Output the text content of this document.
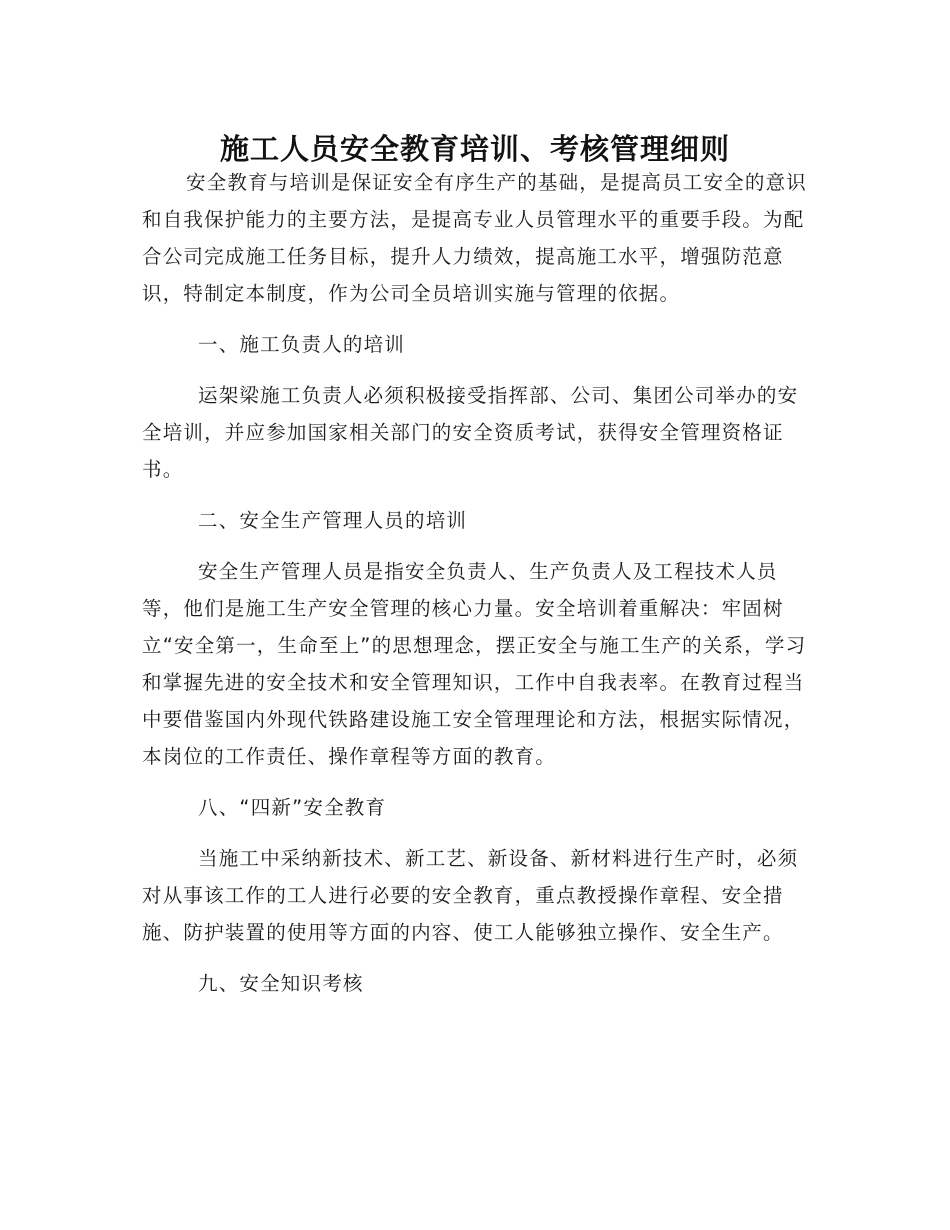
施工人员安全教育培训、考核管理细则

安全教育与培训是保证安全有序生产的基础，是提高员工安全的意识和自我保护能力的主要方法，是提高专业人员管理水平的重要手段。为配合公司完成施工任务目标，提升人力绩效，提高施工水平，增强防范意识，特制定本制度，作为公司全员培训实施与管理的依据。

一、施工负责人的培训

运架梁施工负责人必须积极接受指挥部、公司、集团公司举办的安全培训，并应参加国家相关部门的安全资质考试，获得安全管理资格证书。

二、安全生产管理人员的培训

安全生产管理人员是指安全负责人、生产负责人及工程技术人员等，他们是施工生产安全管理的核心力量。安全培训着重解决：牢固树立“安全第一，生命至上”的思想理念，摆正安全与施工生产的关系，学习和掌握先进的安全技术和安全管理知识，工作中自我表率。在教育过程当中要借鉴国内外现代铁路建设施工安全管理理论和方法，根据实际情况，本岗位的工作责任、操作章程等方面的教育。

八、“四新”安全教育

当施工中采纳新技术、新工艺、新设备、新材料进行生产时，必须对从事该工作的工人进行必要的安全教育，重点教授操作章程、安全措施、防护装置的使用等方面的内容、使工人能够独立操作、安全生产。

九、安全知识考核
